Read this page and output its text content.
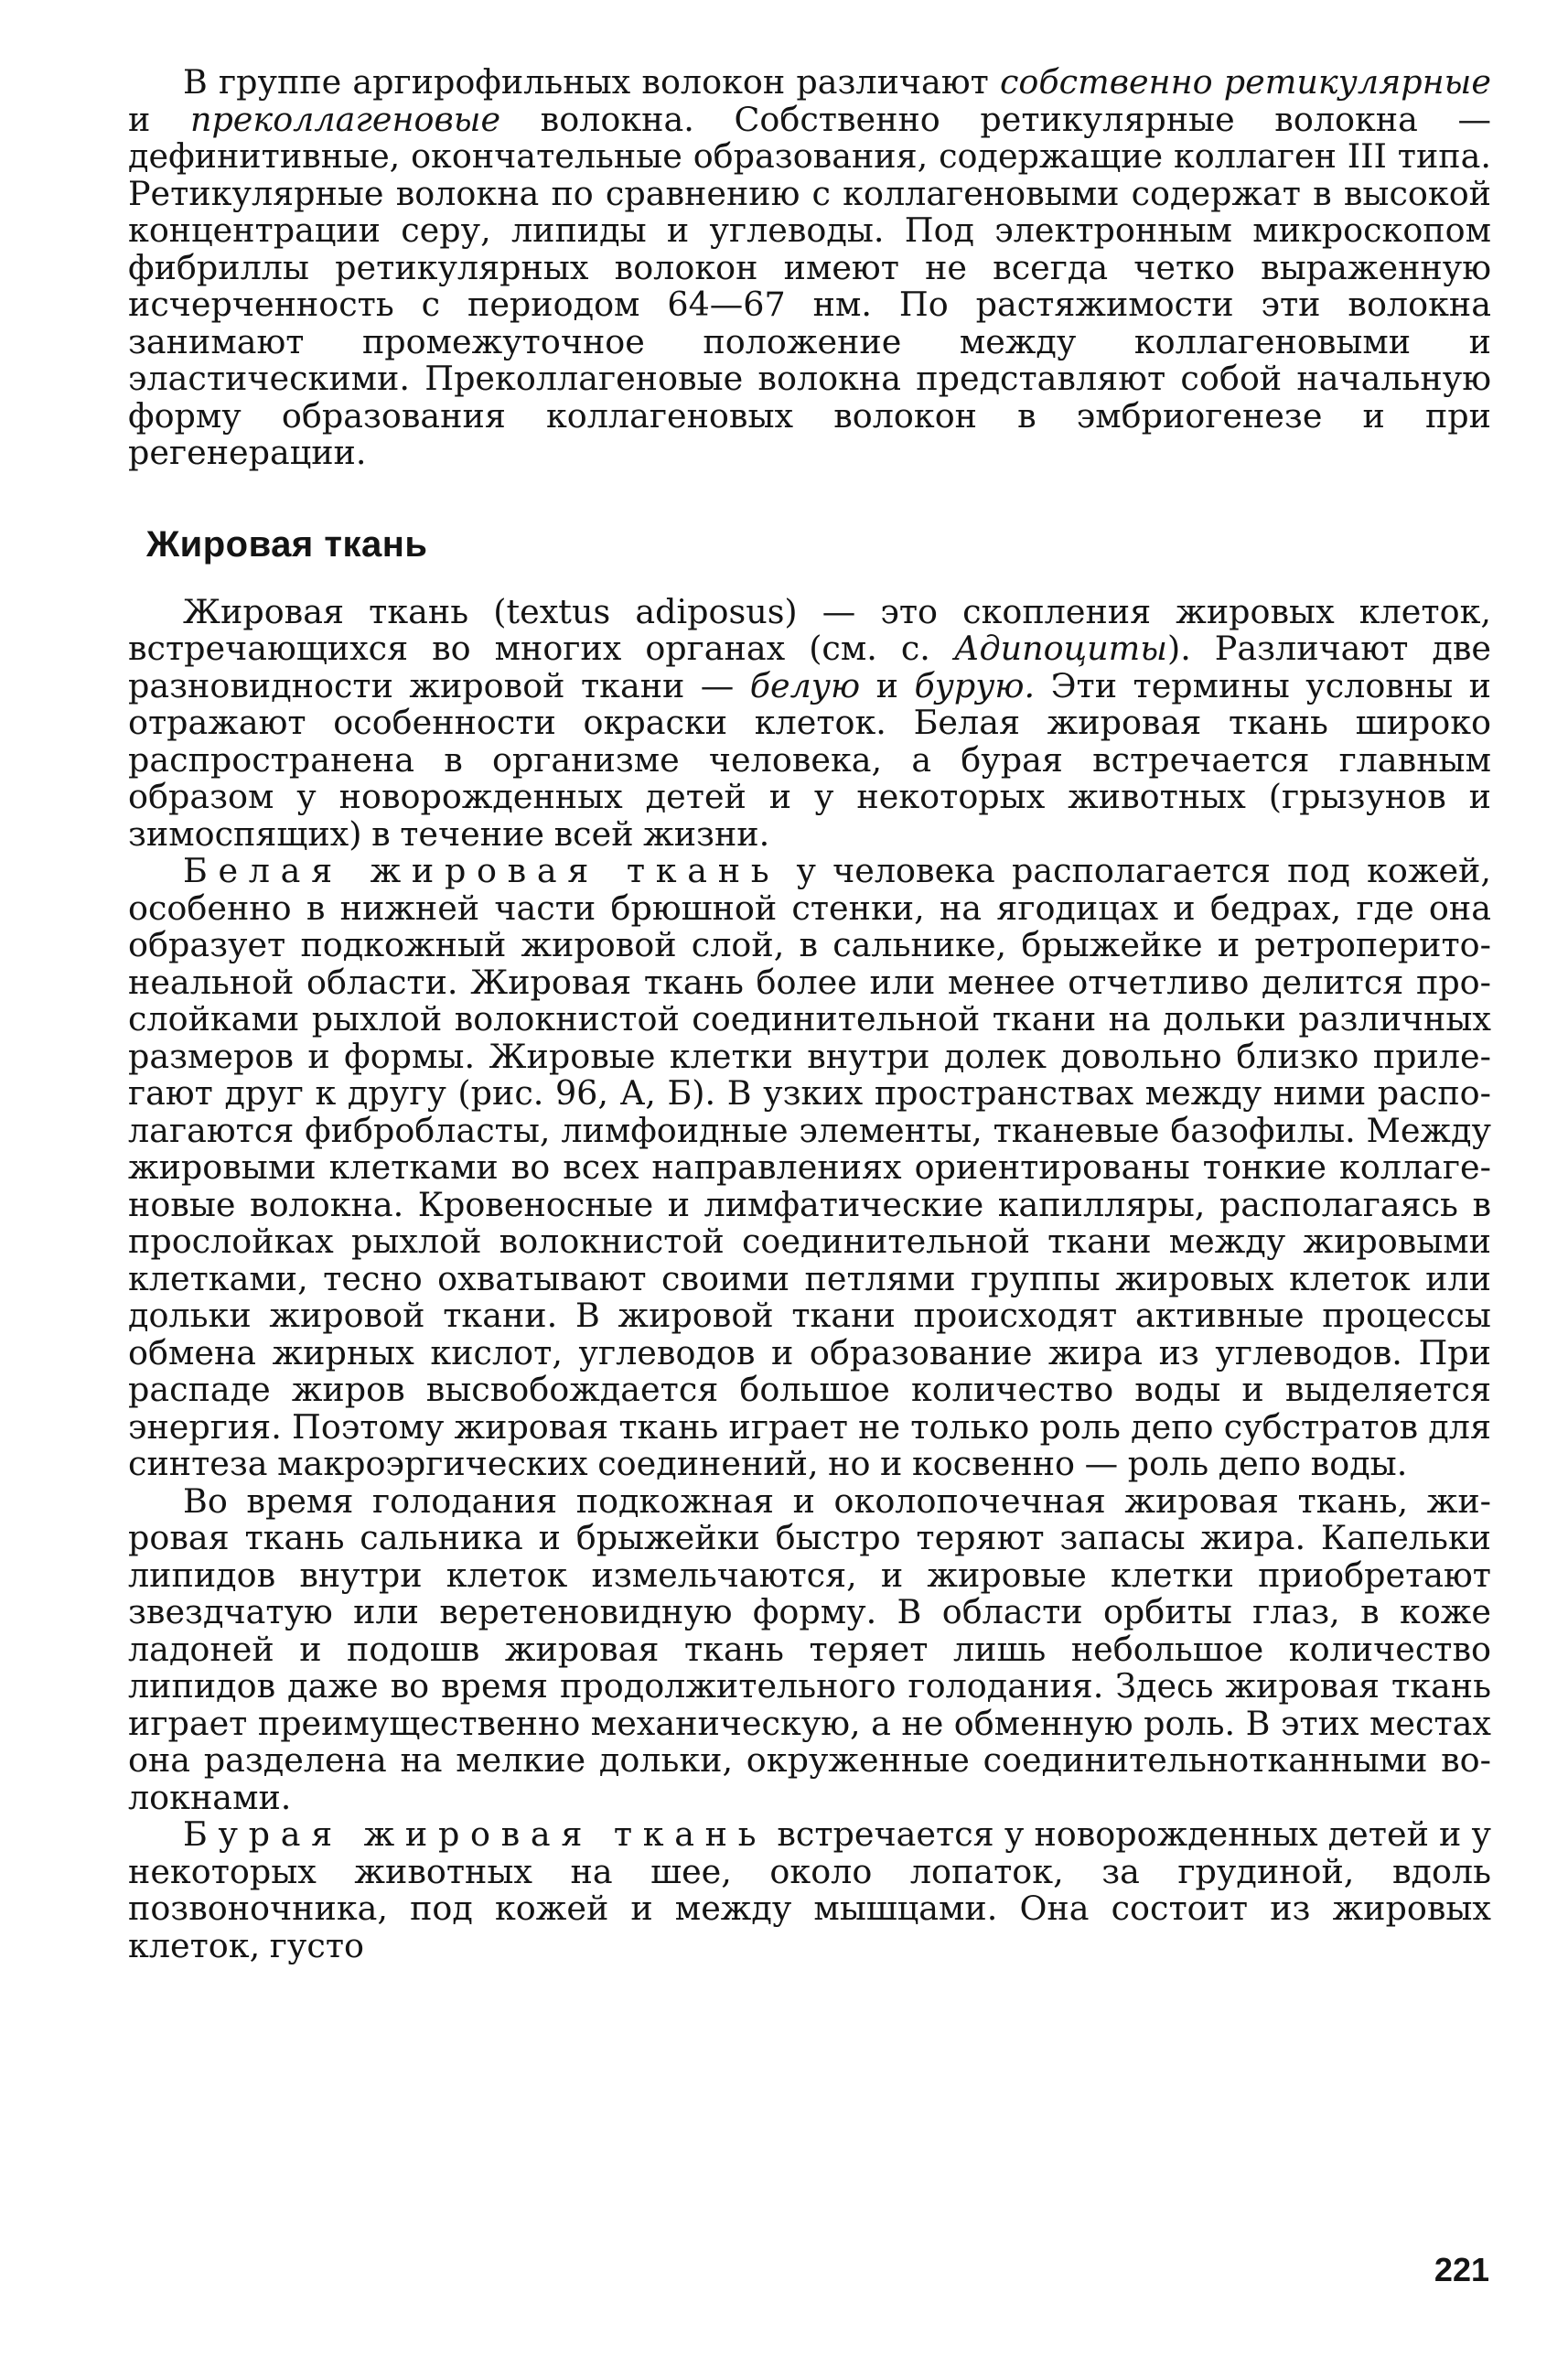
В группе аргирофильных волокон различают собственно ретикулярные и преколлагеновые волокна. Собственно ретикулярные волокна — дефинитивные, окончательные образования, содержащие коллаген III типа. Ретикулярные волокна по сравнению с коллагеновыми содержат в высокой концентрации серу, липиды и углеводы. Под электронным микроскопом фибриллы ретикулярных волокон имеют не всегда четко выраженную исчерченность с периодом 64—67 нм. По растяжимости эти волокна занимают промежуточное положение между коллагеновыми и эластическими. Преколлагеновые волокна представляют собой начальную форму образования коллагеновых волокон в эмбриогенезе и при регенерации.

Жировая ткань

Жировая ткань (textus adiposus) — это скопления жировых клеток, встречающихся во многих органах (см. с. Адипоциты). Различают две разновидности жировой ткани — белую и бурую. Эти термины условны и отражают особенности окраски клеток. Белая жировая ткань широко распространена в организме человека, а бурая встречается главным образом у новорожденных детей и у некоторых животных (грызунов и зимоспящих) в течение всей жизни.

Белая жировая ткань у человека располагается под кожей, особенно в нижней части брюшной стенки, на ягодицах и бедрах, где она образует подкожный жировой слой, в сальнике, брыжейке и ретроперитонеальной области. Жировая ткань более или менее отчетливо делится прослойками рыхлой волокнистой соединительной ткани на дольки различных размеров и формы. Жировые клетки внутри долек довольно близко прилегают друг к другу (рис. 96, А, Б). В узких пространствах между ними располагаются фибробласты, лимфоидные элементы, тканевые базофилы. Между жировыми клетками во всех направлениях ориентированы тонкие коллагеновые волокна. Кровеносные и лимфатические капилляры, располагаясь в прослойках рыхлой волокнистой соединительной ткани между жировыми клетками, тесно охватывают своими петлями группы жировых клеток или дольки жировой ткани. В жировой ткани происходят активные процессы обмена жирных кислот, углеводов и образование жира из углеводов. При распаде жиров высвобождается большое количество воды и выделяется энергия. Поэтому жировая ткань играет не только роль депо субстратов для синтеза макроэргических соединений, но и косвенно — роль депо воды.

Во время голодания подкожная и околопочечная жировая ткань, жировая ткань сальника и брыжейки быстро теряют запасы жира. Капельки липидов внутри клеток измельчаются, и жировые клетки приобретают звездчатую или веретеновидную форму. В области орбиты глаз, в коже ладоней и подошв жировая ткань теряет лишь небольшое количество липидов даже во время продолжительного голодания. Здесь жировая ткань играет преимущественно механическую, а не обменную роль. В этих местах она разделена на мелкие дольки, окруженные соединительнотканными волокнами.

Бурая жировая ткань встречается у новорожденных детей и у некоторых животных на шее, около лопаток, за грудиной, вдоль позвоночника, под кожей и между мышцами. Она состоит из жировых клеток, густо

221
